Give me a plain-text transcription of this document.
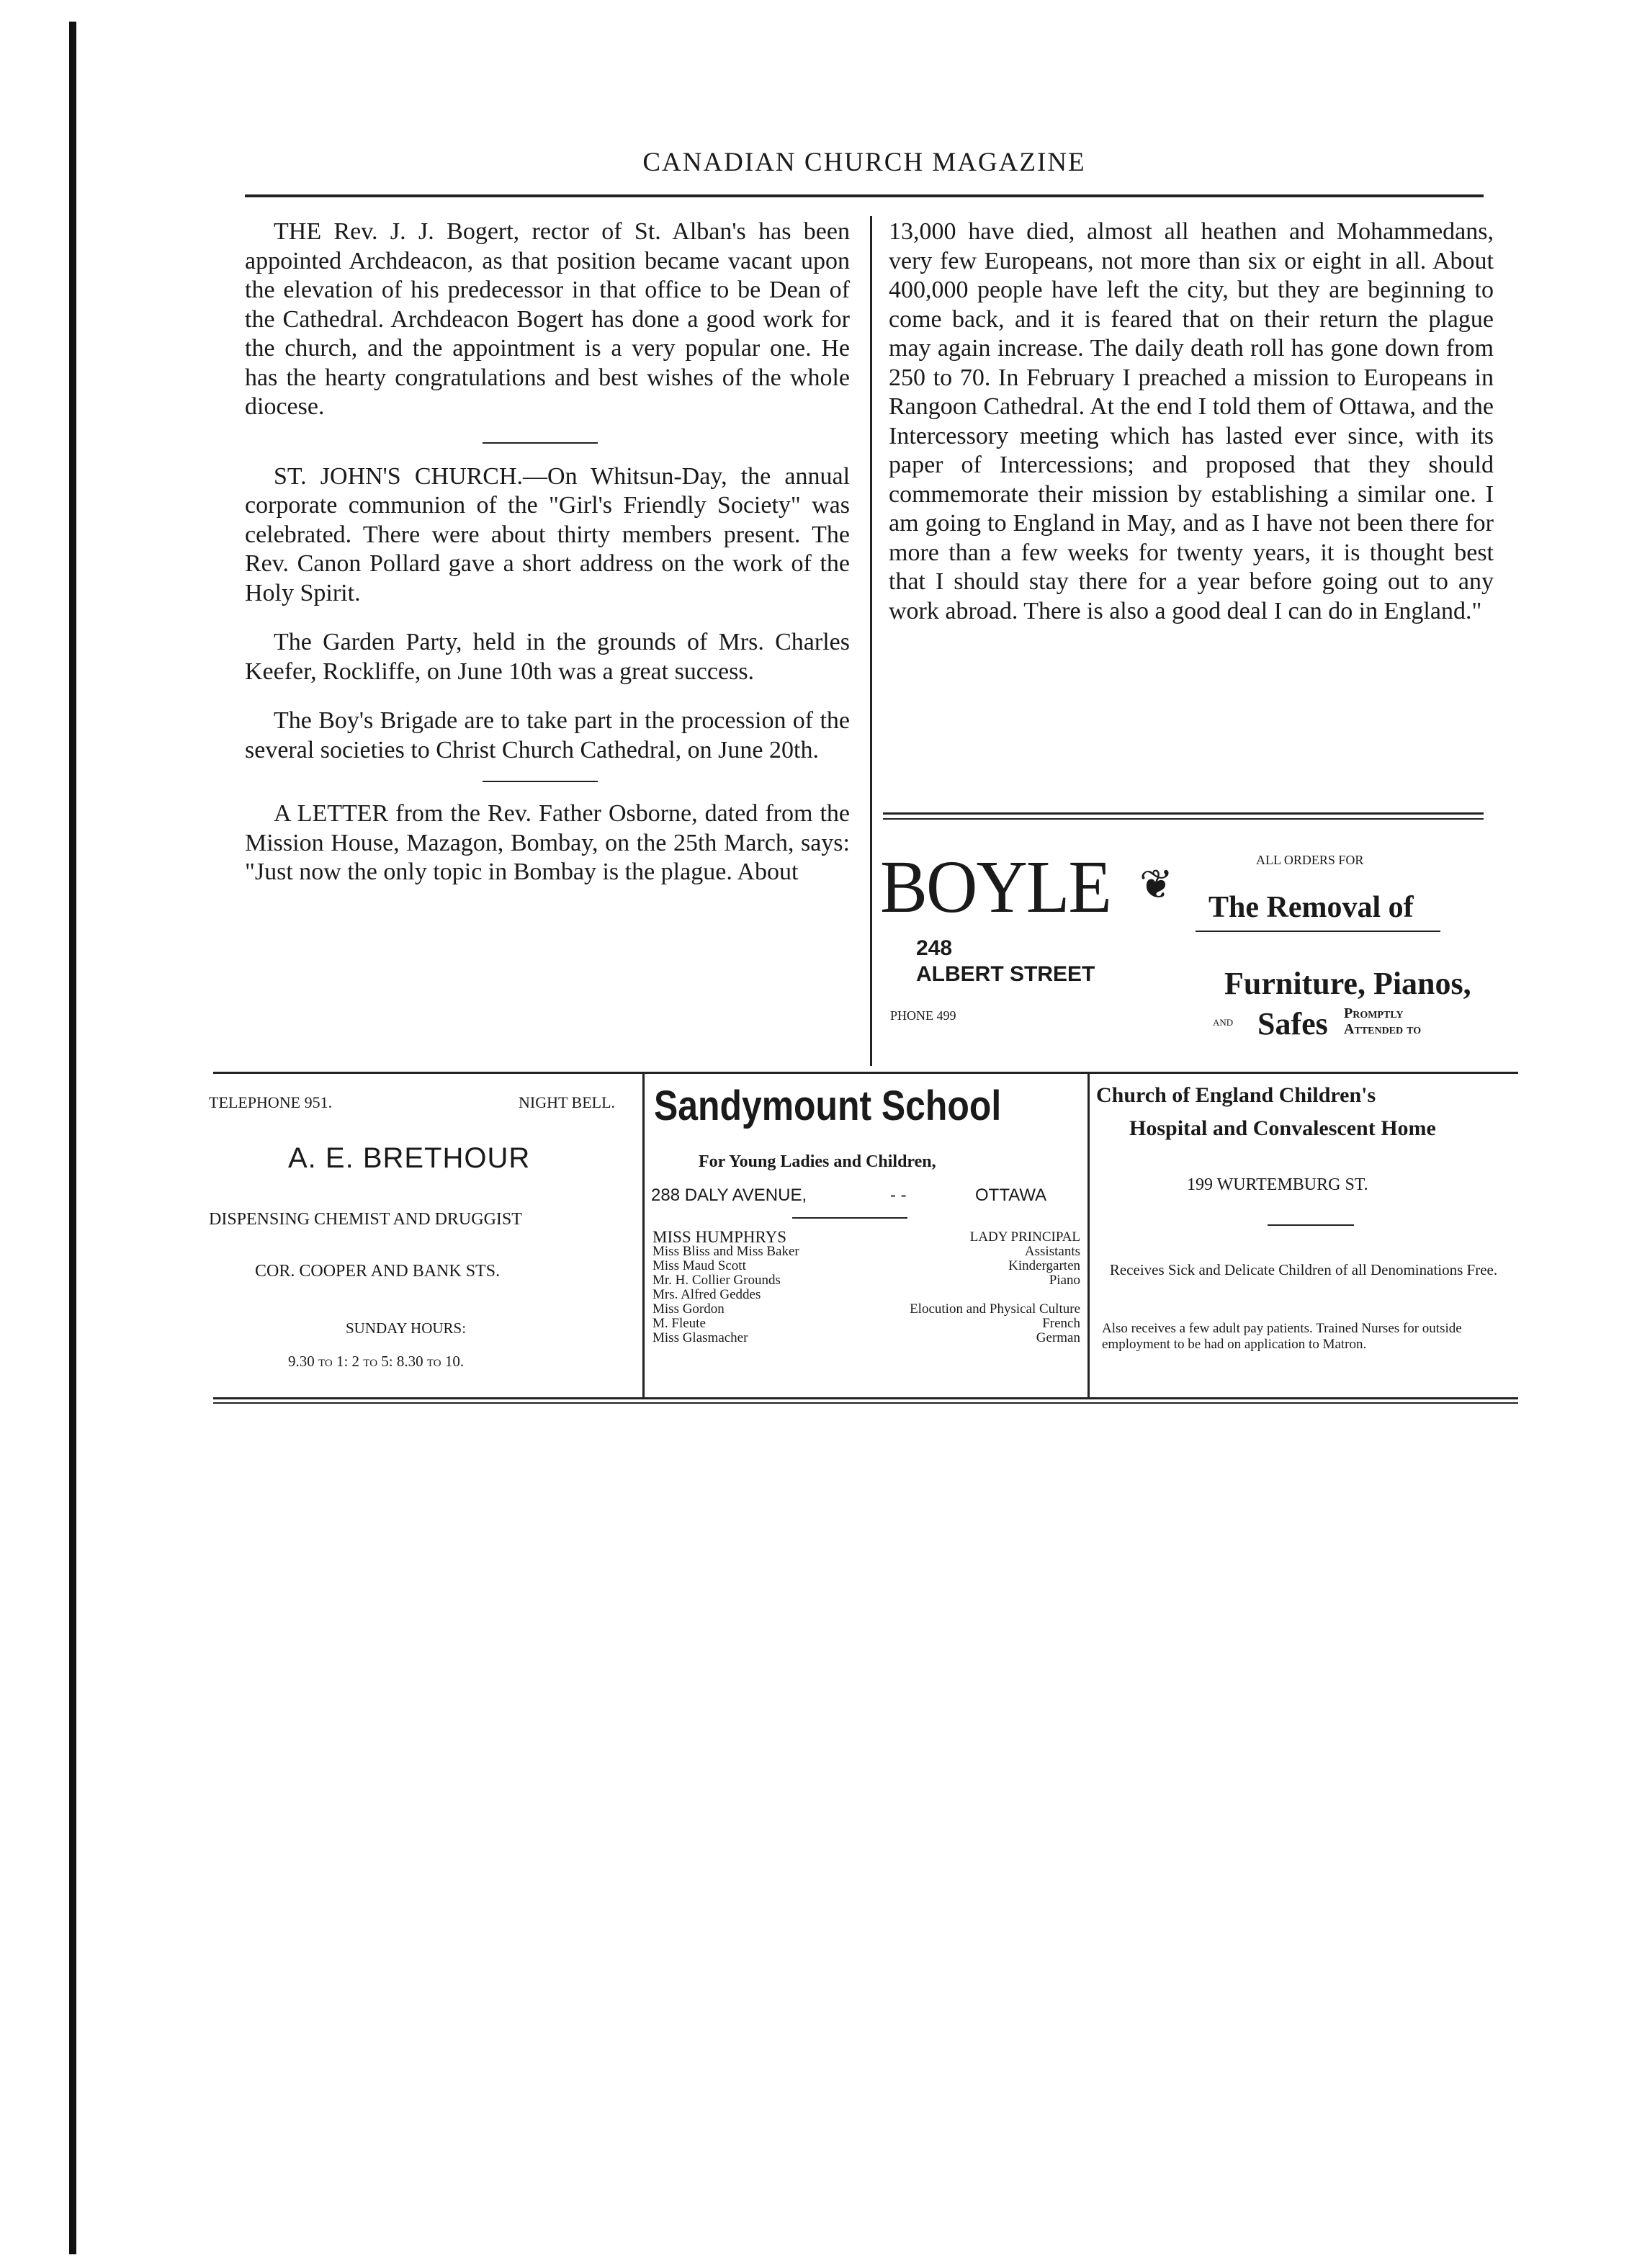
CANADIAN CHURCH MAGAZINE

THE Rev. J. J. Bogert, rector of St. Alban's has been appointed Archdeacon, as that position became vacant upon the elevation of his predecessor in that office to be Dean of the Cathedral. Archdeacon Bogert has done a good work for the church, and the appointment is a very popular one. He has the hearty congratulations and best wishes of the whole diocese.

ST. JOHN'S CHURCH.—On Whitsun-Day, the annual corporate communion of the "Girl's Friendly Society" was celebrated. There were about thirty members present. The Rev. Canon Pollard gave a short address on the work of the Holy Spirit.

The Garden Party, held in the grounds of Mrs. Charles Keefer, Rockliffe, on June 10th was a great success.

The Boy's Brigade are to take part in the procession of the several societies to Christ Church Cathedral, on June 20th.

A LETTER from the Rev. Father Osborne, dated from the Mission House, Mazagon, Bombay, on the 25th March, says: "Just now the only topic in Bombay is the plague. About

13,000 have died, almost all heathen and Mohammedans, very few Europeans, not more than six or eight in all. About 400,000 people have left the city, but they are beginning to come back, and it is feared that on their return the plague may again increase. The daily death roll has gone down from 250 to 70. In February I preached a mission to Europeans in Rangoon Cathedral. At the end I told them of Ottawa, and the Intercessory meeting which has lasted ever since, with its paper of Intercessions; and proposed that they should commemorate their mission by establishing a similar one. I am going to England in May, and as I have not been there for more than a few weeks for twenty years, it is thought best that I should stay there for a year before going out to any work abroad. There is also a good deal I can do in England."

BOYLE ❦
248
ALBERT STREET
PHONE 499
ALL ORDERS FOR
The Removal of
Furniture, Pianos,
and Safes Promptly
Attended to
TELEPHONE 951.	NIGHT BELL.
A. E. BRETHOUR
DISPENSING CHEMIST AND DRUGGIST
COR. COOPER AND BANK STS.
SUNDAY HOURS:
9.30 to 1: 2 to 5: 8.30 to 10.
Sandymount School
For Young Ladies and Children,
288 DALY AVENUE,	- -	OTTAWA
MISS HUMPHRYS	LADY PRINCIPAL
Miss Bliss and Miss Baker	Assistants
Miss Maud Scott	Kindergarten
Mr. H. Collier Grounds	Piano
Mrs. Alfred Geddes
Miss Gordon	Elocution and Physical Culture
M. Fleute	French
Miss Glasmacher	German
Church of England Children's
Hospital and Convalescent Home
199 WURTEMBURG ST.
Receives Sick and Delicate Children of all Denominations Free.
Also receives a few adult pay patients. Trained Nurses for outside employment to be had on application to Matron.
